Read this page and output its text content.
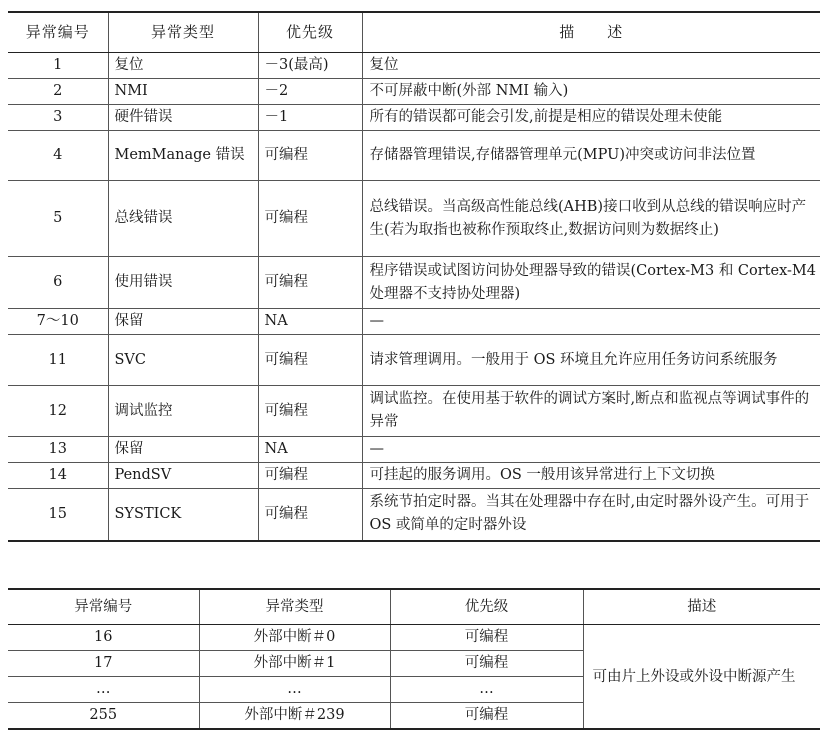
异常编号	异常类型	优先级	描　　述
1	复位	－3(最高)	复位
2	NMI	－2	不可屏蔽中断(外部 NMI 输入)
3	硬件错误	－1	所有的错误都可能会引发,前提是相应的错误处理未使能
4	MemManage 错误	可编程	存储器管理错误,存储器管理单元(MPU)冲突或访问非法位置
5	总线错误	可编程	总线错误。当高级高性能总线(AHB)接口收到从总线的错误响应时产生(若为取指也被称作预取终止,数据访问则为数据终止)
6	使用错误	可编程	程序错误或试图访问协处理器导致的错误(Cortex-M3 和 Cortex-M4 处理器不支持协处理器)
7～10	保留	NA	—
11	SVC	可编程	请求管理调用。一般用于 OS 环境且允许应用任务访问系统服务
12	调试监控	可编程	调试监控。在使用基于软件的调试方案时,断点和监视点等调试事件的异常
13	保留	NA	—
14	PendSV	可编程	可挂起的服务调用。OS 一般用该异常进行上下文切换
15	SYSTICK	可编程	系统节拍定时器。当其在处理器中存在时,由定时器外设产生。可用于 OS 或简单的定时器外设
异常编号	异常类型	优先级	描述
16	外部中断＃0	可编程	可由片上外设或外设中断源产生
17	外部中断＃1	可编程	
…	…	…	
255	外部中断＃239	可编程	
